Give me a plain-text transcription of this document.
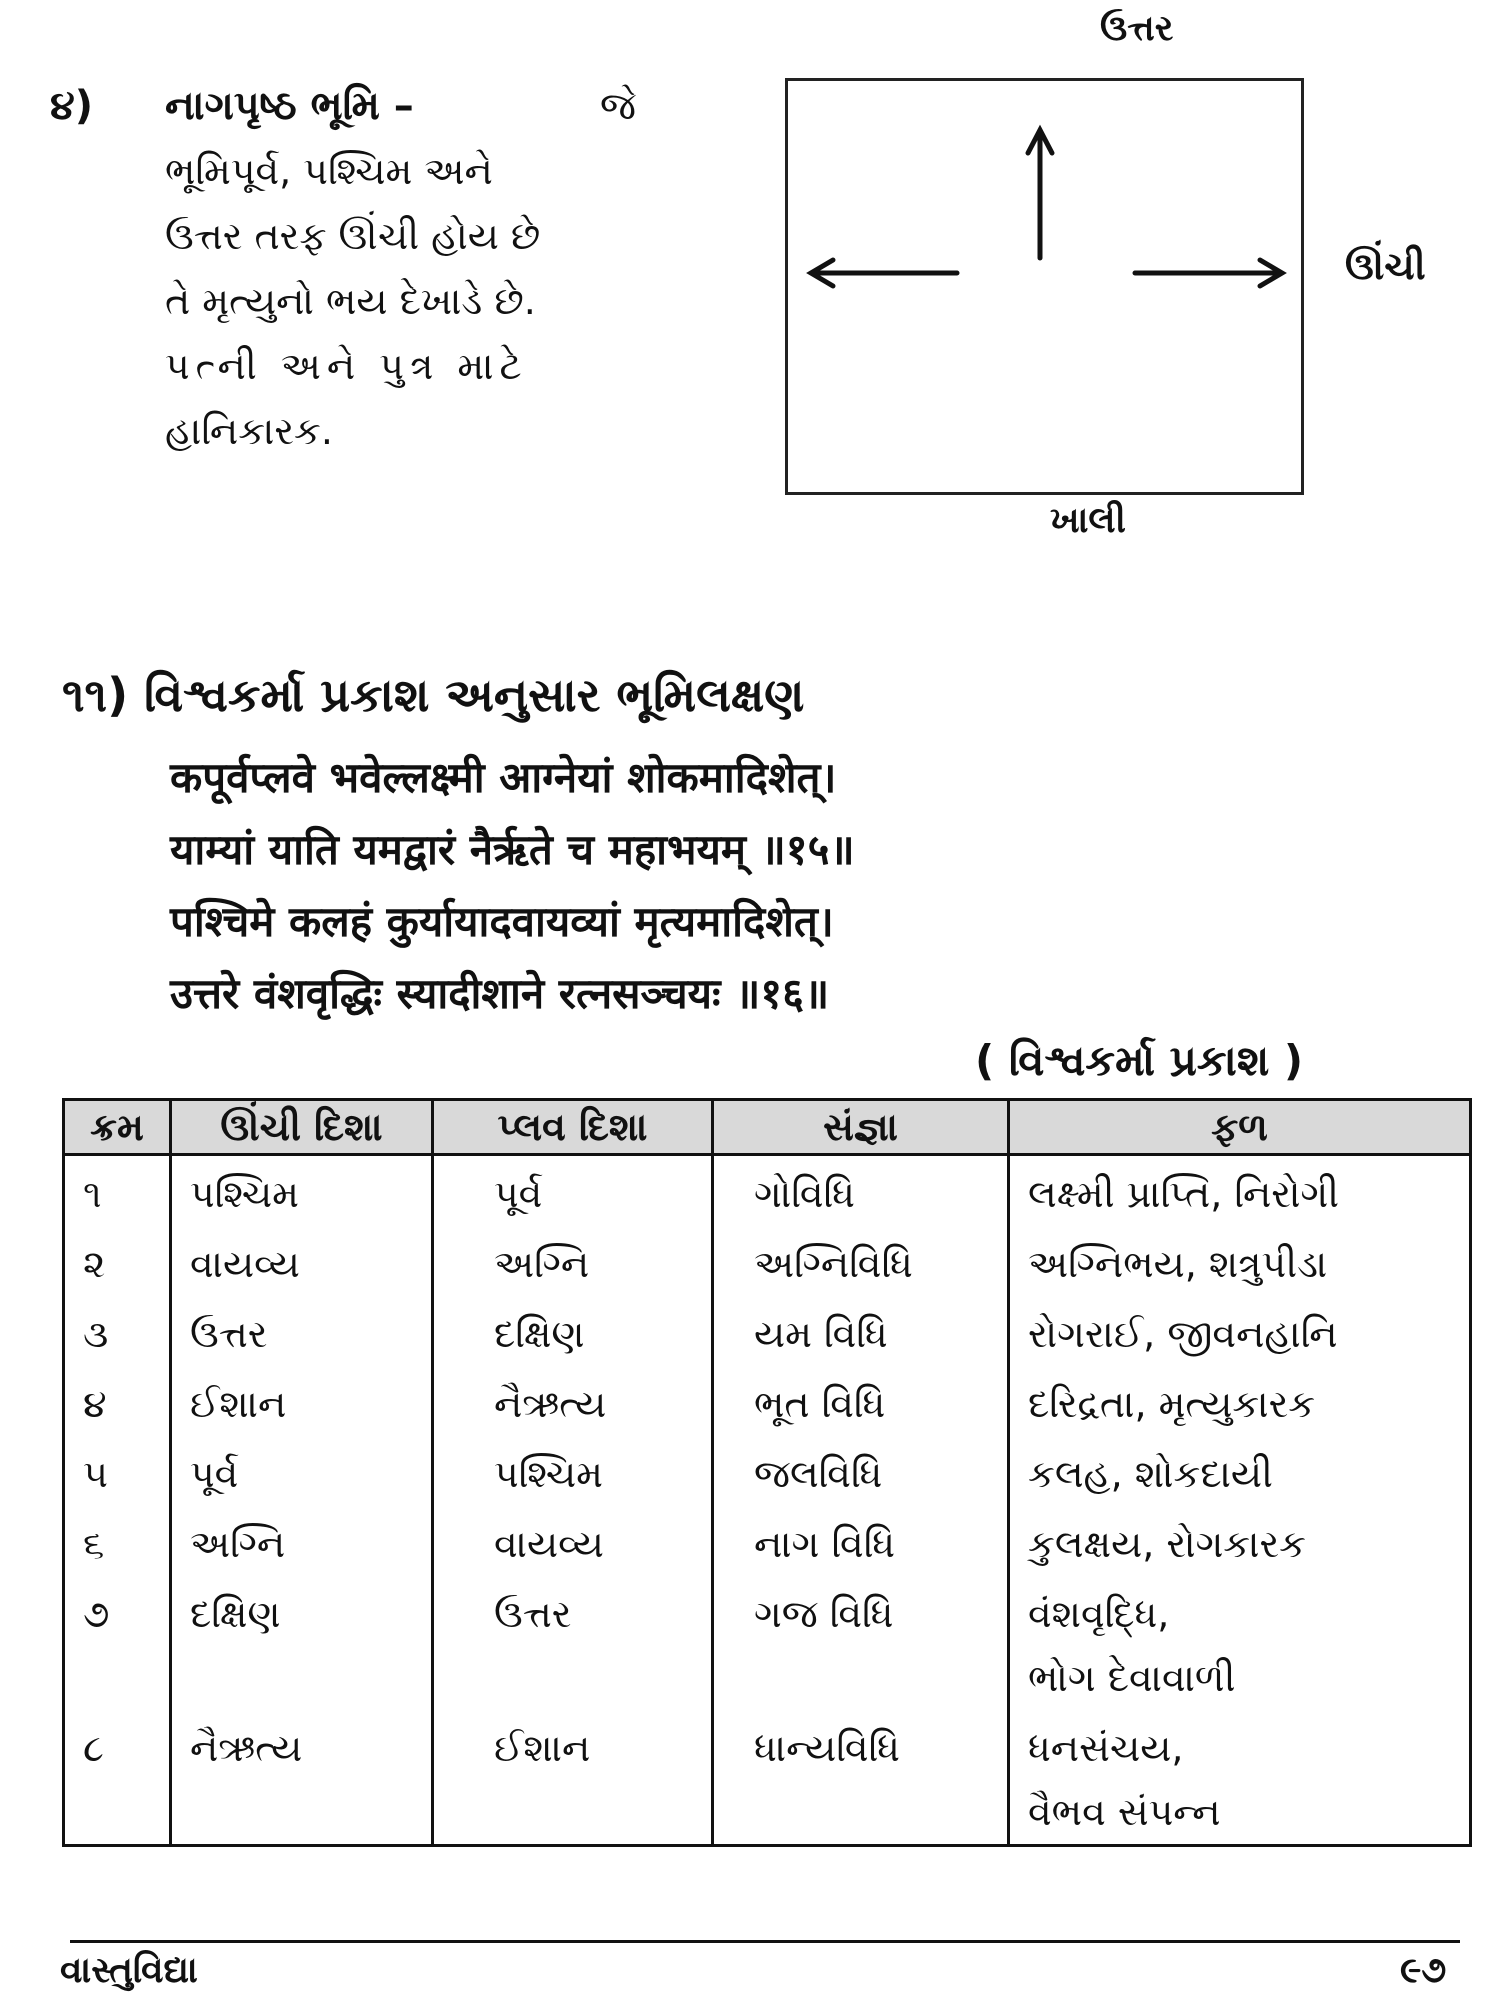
૪) નાગપૃષ્ઠ ભૂમિ –	જે
ભૂમિપૂર્વ, પશ્ચિમ અને
ઉત્તર તરફ ઊંચી હોય છે
તે મૃત્યુનો ભય દેખાડે છે.
પત્ની અને પુત્ર માટે
હાનિકારક.
ઉત્તર
ઊંચી
ખાલી
૧૧) વિશ્વકર્મા પ્રકાશ અનુસાર ભૂમિલક્ષણ
कपूर्वप्लवे भवेल्लक्ष्मी आग्नेयां शोकमादिशेत्।
याम्यां याति यमद्वारं नैर्ऋते च महाभयम् ॥१५॥
पश्चिमे कलहं कुर्यायादवायव्यां मृत्यमादिशेत्।
उत्तरे वंशवृद्धिः स्यादीशाने रत्नसञ्चयः ॥१६॥
( વિશ્વકર્મા પ્રકાશ )
ક્રમ	ઊંચી દિશા	પ્લવ દિશા	સંજ્ઞા	ફળ
૧	પશ્ચિમ	પૂર્વ	ગોવિધિ	લક્ષ્મી પ્રાપ્તિ, નિરોગી

૨	વાયવ્ય	અગ્નિ	અગ્નિવિધિ	અગ્નિભય, શત્રુપીડા

૩	ઉત્તર	દક્ષિણ	યમ વિધિ	રોગરાઈ, જીવનહાનિ

૪	ઈશાન	નૈઋત્ય	ભૂત વિધિ	દરિદ્રતા, મૃત્યુકારક

૫	પૂર્વ	પશ્ચિમ	જલવિધિ	કલહ, શોકદાયી

૬	અગ્નિ	વાયવ્ય	નાગ વિધિ	કુલક્ષય, રોગકારક

૭	દક્ષિણ	ઉત્તર	ગજ વિધિ	વંશવૃદ્ધિ,
ભોગ દેવાવાળી

૮	નૈઋત્ય	ઈશાન	ધાન્યવિધિ	ધનસંચય,
વૈભવ સંપન્ન
વાસ્તુવિદ્યા	૯૭
